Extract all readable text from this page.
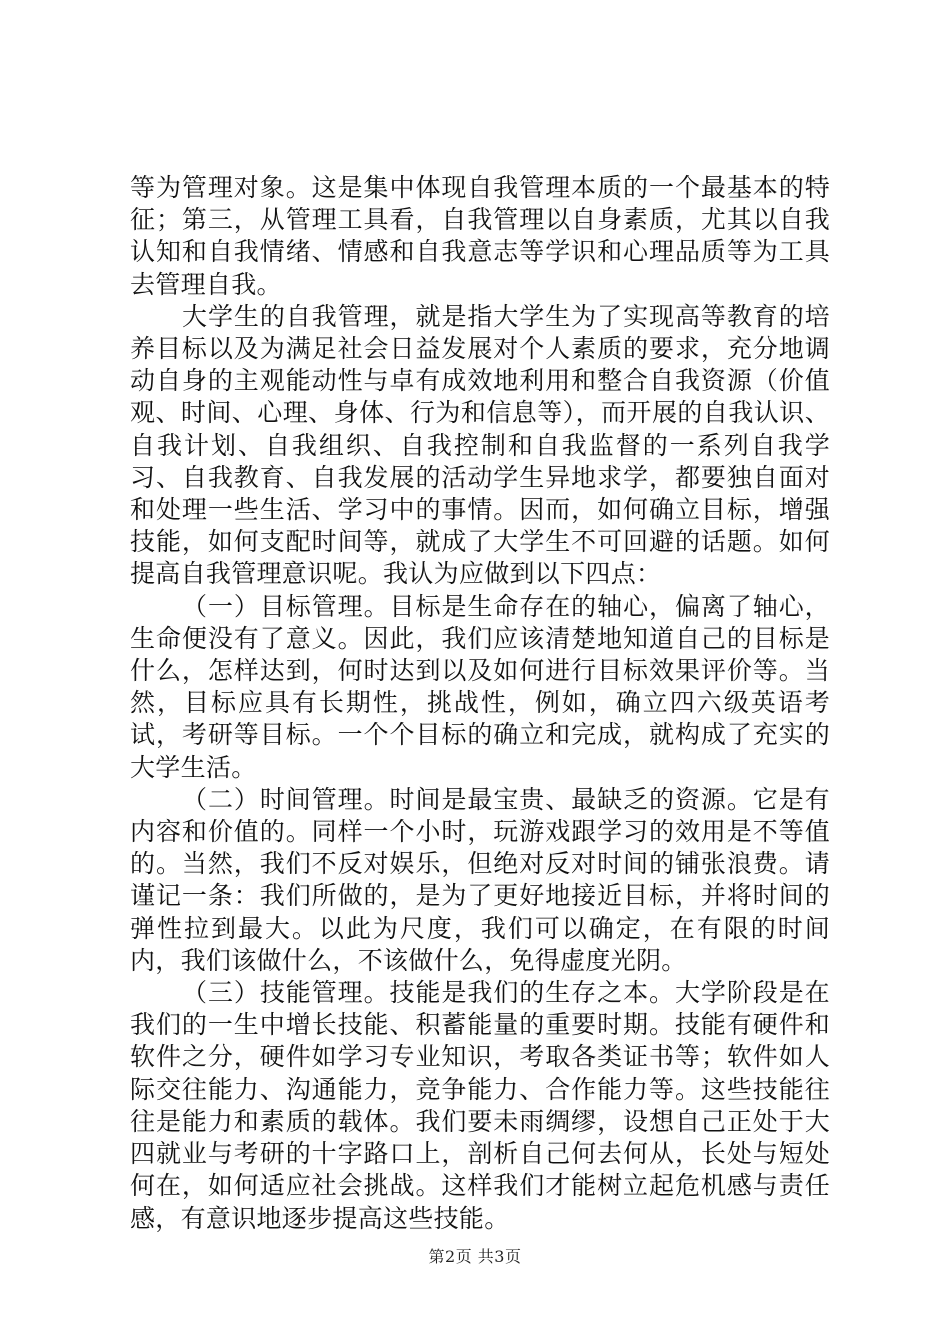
等为管理对象。这是集中体现自我管理本质的一个最基本的特征；第三，从管理工具看，自我管理以自身素质，尤其以自我认知和自我情绪、情感和自我意志等学识和心理品质等为工具去管理自我。

大学生的自我管理，就是指大学生为了实现高等教育的培养目标以及为满足社会日益发展对个人素质的要求，充分地调动自身的主观能动性与卓有成效地利用和整合自我资源（价值观、时间、心理、身体、行为和信息等），而开展的自我认识、自我计划、自我组织、自我控制和自我监督的一系列自我学习、自我教育、自我发展的活动学生异地求学，都要独自面对和处理一些生活、学习中的事情。因而，如何确立目标，增强技能，如何支配时间等，就成了大学生不可回避的话题。如何提高自我管理意识呢。我认为应做到以下四点：

（一）目标管理。目标是生命存在的轴心，偏离了轴心，生命便没有了意义。因此，我们应该清楚地知道自己的目标是什么，怎样达到，何时达到以及如何进行目标效果评价等。当然，目标应具有长期性，挑战性，例如，确立四六级英语考试，考研等目标。一个个目标的确立和完成，就构成了充实的大学生活。

（二）时间管理。时间是最宝贵、最缺乏的资源。它是有内容和价值的。同样一个小时，玩游戏跟学习的效用是不等值的。当然，我们不反对娱乐，但绝对反对时间的铺张浪费。请谨记一条：我们所做的，是为了更好地接近目标，并将时间的弹性拉到最大。以此为尺度，我们可以确定，在有限的时间内，我们该做什么，不该做什么，免得虚度光阴。

（三）技能管理。技能是我们的生存之本。大学阶段是在我们的一生中增长技能、积蓄能量的重要时期。技能有硬件和软件之分，硬件如学习专业知识，考取各类证书等；软件如人际交往能力、沟通能力，竞争能力、合作能力等。这些技能往往是能力和素质的载体。我们要未雨绸缪，设想自己正处于大四就业与考研的十字路口上，剖析自己何去何从，长处与短处何在，如何适应社会挑战。这样我们才能树立起危机感与责任感，有意识地逐步提高这些技能。

第2页 共3页
